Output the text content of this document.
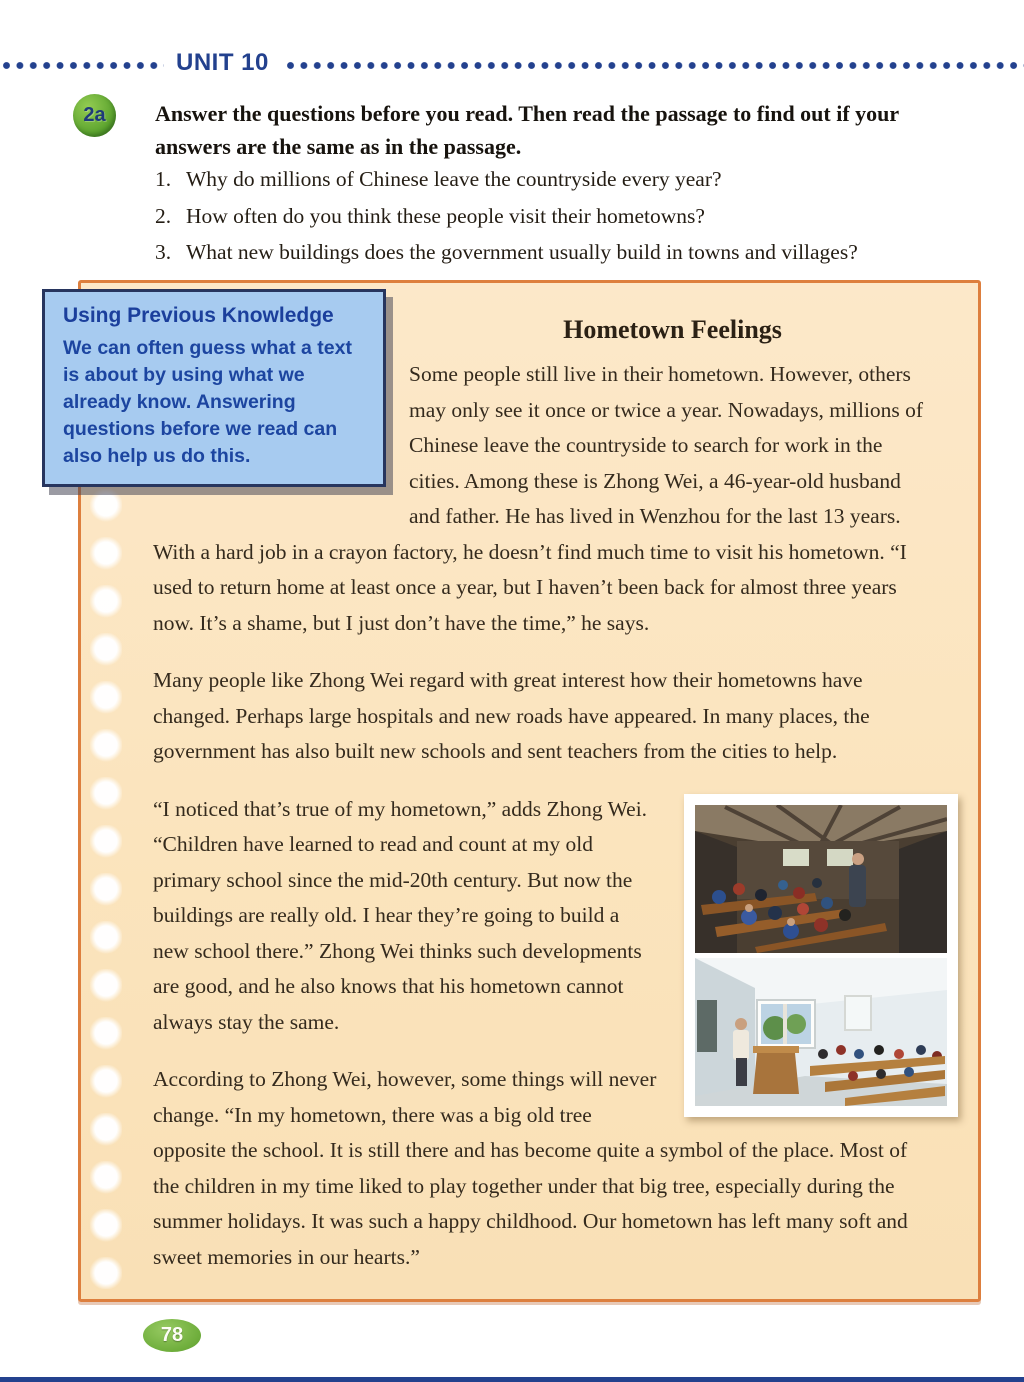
UNIT 10
2a Answer the questions before you read. Then read the passage to find out if your answers are the same as in the passage.
1. Why do millions of Chinese leave the countryside every year?
2. How often do you think these people visit their hometowns?
3. What new buildings does the government usually build in towns and villages?
Using Previous Knowledge
We can often guess what a text is about by using what we already know. Answering questions before we read can also help us do this.
Hometown Feelings

Some people still live in their hometown. However, others may only see it once or twice a year. Nowadays, millions of Chinese leave the countryside to search for work in the cities. Among these is Zhong Wei, a 46-year-old husband and father. He has lived in Wenzhou for the last 13 years. With a hard job in a crayon factory, he doesn’t find much time to visit his hometown. “I used to return home at least once a year, but I haven’t been back for almost three years now. It’s a shame, but I just don’t have the time,” he says.

Many people like Zhong Wei regard with great interest how their hometowns have changed. Perhaps large hospitals and new roads have appeared. In many places, the government has also built new schools and sent teachers from the cities to help.

“I noticed that’s true of my hometown,” adds Zhong Wei. “Children have learned to read and count at my old primary school since the mid-20th century. But now the buildings are really old. I hear they’re going to build a new school there.” Zhong Wei thinks such developments are good, and he also knows that his hometown cannot always stay the same.

According to Zhong Wei, however, some things will never change. “In my hometown, there was a big old tree opposite the school. It is still there and has become quite a symbol of the place. Most of the children in my time liked to play together under that big tree, especially during the summer holidays. It was such a happy childhood. Our hometown has left many soft and sweet memories in our hearts.”

78
